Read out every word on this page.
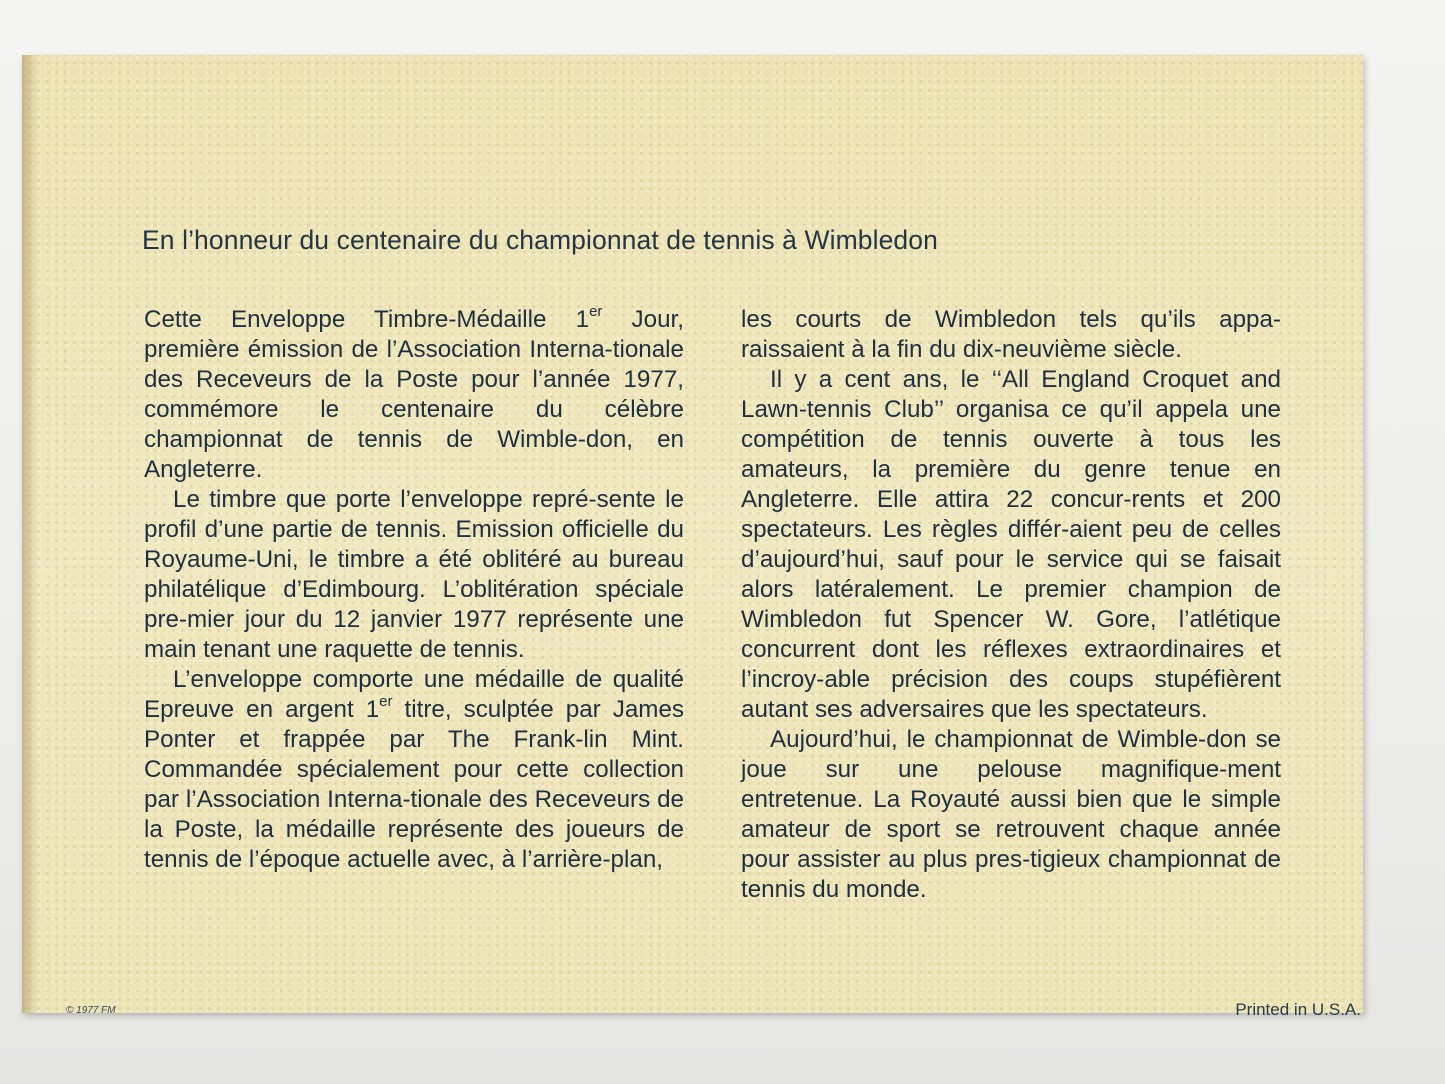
En l’honneur du centenaire du championnat de tennis à Wimbledon

Cette Enveloppe Timbre-Médaille 1er Jour, première émission de l’Association Interna-tionale des Receveurs de la Poste pour l’année 1977, commémore le centenaire du célèbre championnat de tennis de Wimble-don, en Angleterre.

Le timbre que porte l’enveloppe repré-sente le profil d’une partie de tennis. Emission officielle du Royaume-Uni, le timbre a été oblitéré au bureau philatélique d’Edimbourg. L’oblitération spéciale pre-mier jour du 12 janvier 1977 représente une main tenant une raquette de tennis.

L’enveloppe comporte une médaille de qualité Epreuve en argent 1er titre, sculptée par James Ponter et frappée par The Frank-lin Mint. Commandée spécialement pour cette collection par l’Association Interna-tionale des Receveurs de la Poste, la médaille représente des joueurs de tennis de l’époque actuelle avec, à l’arrière-plan,

les courts de Wimbledon tels qu’ils appa-raissaient à la fin du dix-neuvième siècle.

Il y a cent ans, le ‘‘All England Croquet and Lawn-tennis Club’’ organisa ce qu’il appela une compétition de tennis ouverte à tous les amateurs, la première du genre tenue en Angleterre. Elle attira 22 concur-rents et 200 spectateurs. Les règles différ-aient peu de celles d’aujourd’hui, sauf pour le service qui se faisait alors latéralement. Le premier champion de Wimbledon fut Spencer W. Gore, l’atlétique concurrent dont les réflexes extraordinaires et l’incroy-able précision des coups stupéfièrent autant ses adversaires que les spectateurs.

Aujourd’hui, le championnat de Wimble-don se joue sur une pelouse magnifique-ment entretenue. La Royauté aussi bien que le simple amateur de sport se retrouvent chaque année pour assister au plus pres-tigieux championnat de tennis du monde.

© 1977 FM	Printed in U.S.A.
